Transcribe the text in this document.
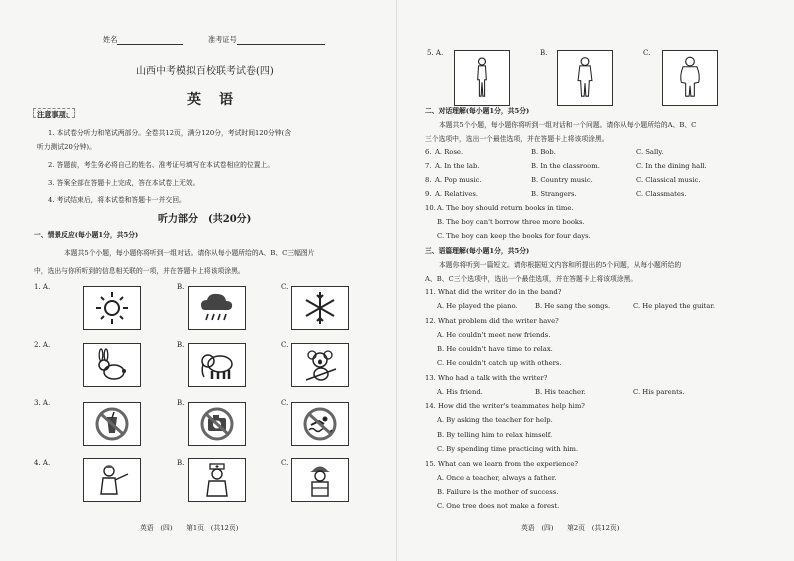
姓名	准考证号
山西中考模拟百校联考试卷(四)
英　语
注意事项:
1. 本试卷分听力和笔试两部分。全卷共12页，满分120分，考试时间120分钟(含
听力测试20分钟)。
2. 答题前，考生务必将自己的姓名、准考证号填写在本试卷相应的位置上。
3. 答案全部在答题卡上完成，答在本试卷上无效。
4. 考试结束后，将本试卷和答题卡一并交回。
听力部分　(共20分)
一、情景反应(每小题1分，共5分)
本题共5个小题，每小题你将听到一组对话。请你从每小题所给的A、B、C三幅图片
中，选出与你所听到的信息相关联的一项，并在答题卡上将该项涂黑。
1. A.	B.	C.
2. A.	B.	C.
3. A.	B.	C.
4. A.	B.	C.
英语　(四)　　第1页　(共12页)
5. A.	B.	C.
二、对话理解(每小题1分，共5分)
本题共5个小题，每小题你将听到一组对话和一个问题。请你从每小题所给的A、B、C
三个选项中，选出一个最佳选项，并在答题卡上将该项涂黑。
6. A. Rose.	B. Bob.	C. Sally.
7. A. In the lab.	B. In the classroom.	C. In the dining hall.
8. A. Pop music.	B. Country music.	C. Classical music.
9. A. Relatives.	B. Strangers.	C. Classmates.
10. A. The boy should return books in time.
B. The boy can't borrow three more books.
C. The boy can keep the books for four days.
三、语篇理解(每小题1分，共5分)
本题你将听到一篇短文。请你根据短文内容和所提出的5个问题，从每小题所给的
A、B、C三个选项中，选出一个最佳选项，并在答题卡上将该项涂黑。
11. What did the writer do in the band?
A. He played the piano.	B. He sang the songs.	C. He played the guitar.
12. What problem did the writer have?
A. He couldn't meet new friends.
B. He couldn't have time to relax.
C. He couldn't catch up with others.
13. Who had a talk with the writer?
A. His friend.	B. His teacher.	C. His parents.
14. How did the writer's teammates help him?
A. By asking the teacher for help.
B. By telling him to relax himself.
C. By spending time practicing with him.
15. What can we learn from the experience?
A. Once a teacher, always a father.
B. Failure is the mother of success.
C. One tree does not make a forest.
英语　(四)　　第2页　(共12页)
